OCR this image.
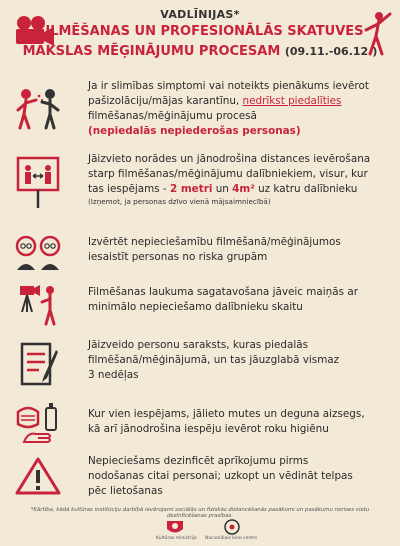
VADLĪNIJAS*
FILMĒŠANAS UN PROFESIONĀLĀS SKATUVES
MĀKSLAS MĒĢINĀJUMU PROCESAM (09.11.-06.12.)
Ja ir slimības simptomi vai noteikts pienākums ievērot
pašizolāciju/mājas karantīnu, nedrīkst piedalīties
filmēšanas/mēģinājumu procesā
(nepiedalās nepiederošas personas)
Jāizvieto norādes un jānodrošina distances ievērošana
starp filmēšanas/mēģinājumu dalībniekiem, visur, kur
tas iespējams - 2 metri un 4m² uz katru dalībnieku
(Izņemot, ja personas dzīvo vienā mājsaimniecībā)
Izvērtēt nepieciešamību filmēšanā/mēģinājumos
iesaistīt personas no riska grupām
Filmēšanas laukuma sagatavošana jāveic maiņās ar
minimālo nepieciešamo dalībnieku skaitu
Jāizveido personu saraksts, kuras piedalās
filmēšanā/mēģinājumā, un tas jāuzglabā vismaz
3 nedēļas
Kur vien iespējams, jālieto mutes un deguna aizsegs,
kā arī jānodrošina iespēju ievērot roku higiēnu
Nepieciešams dezinficēt aprīkojumu pirms
nodošanas citai personai; uzkopt un vēdināt telpas
pēc lietošanas
*Kārtība, kādā kultūras institūciju darbībā ievērojami sociālās un fiziskās distancēšanās pasākumi un pasākumu norises vietu dezinficēšanas prasības.
Kultūras ministrija Nacionālais kino centrs
